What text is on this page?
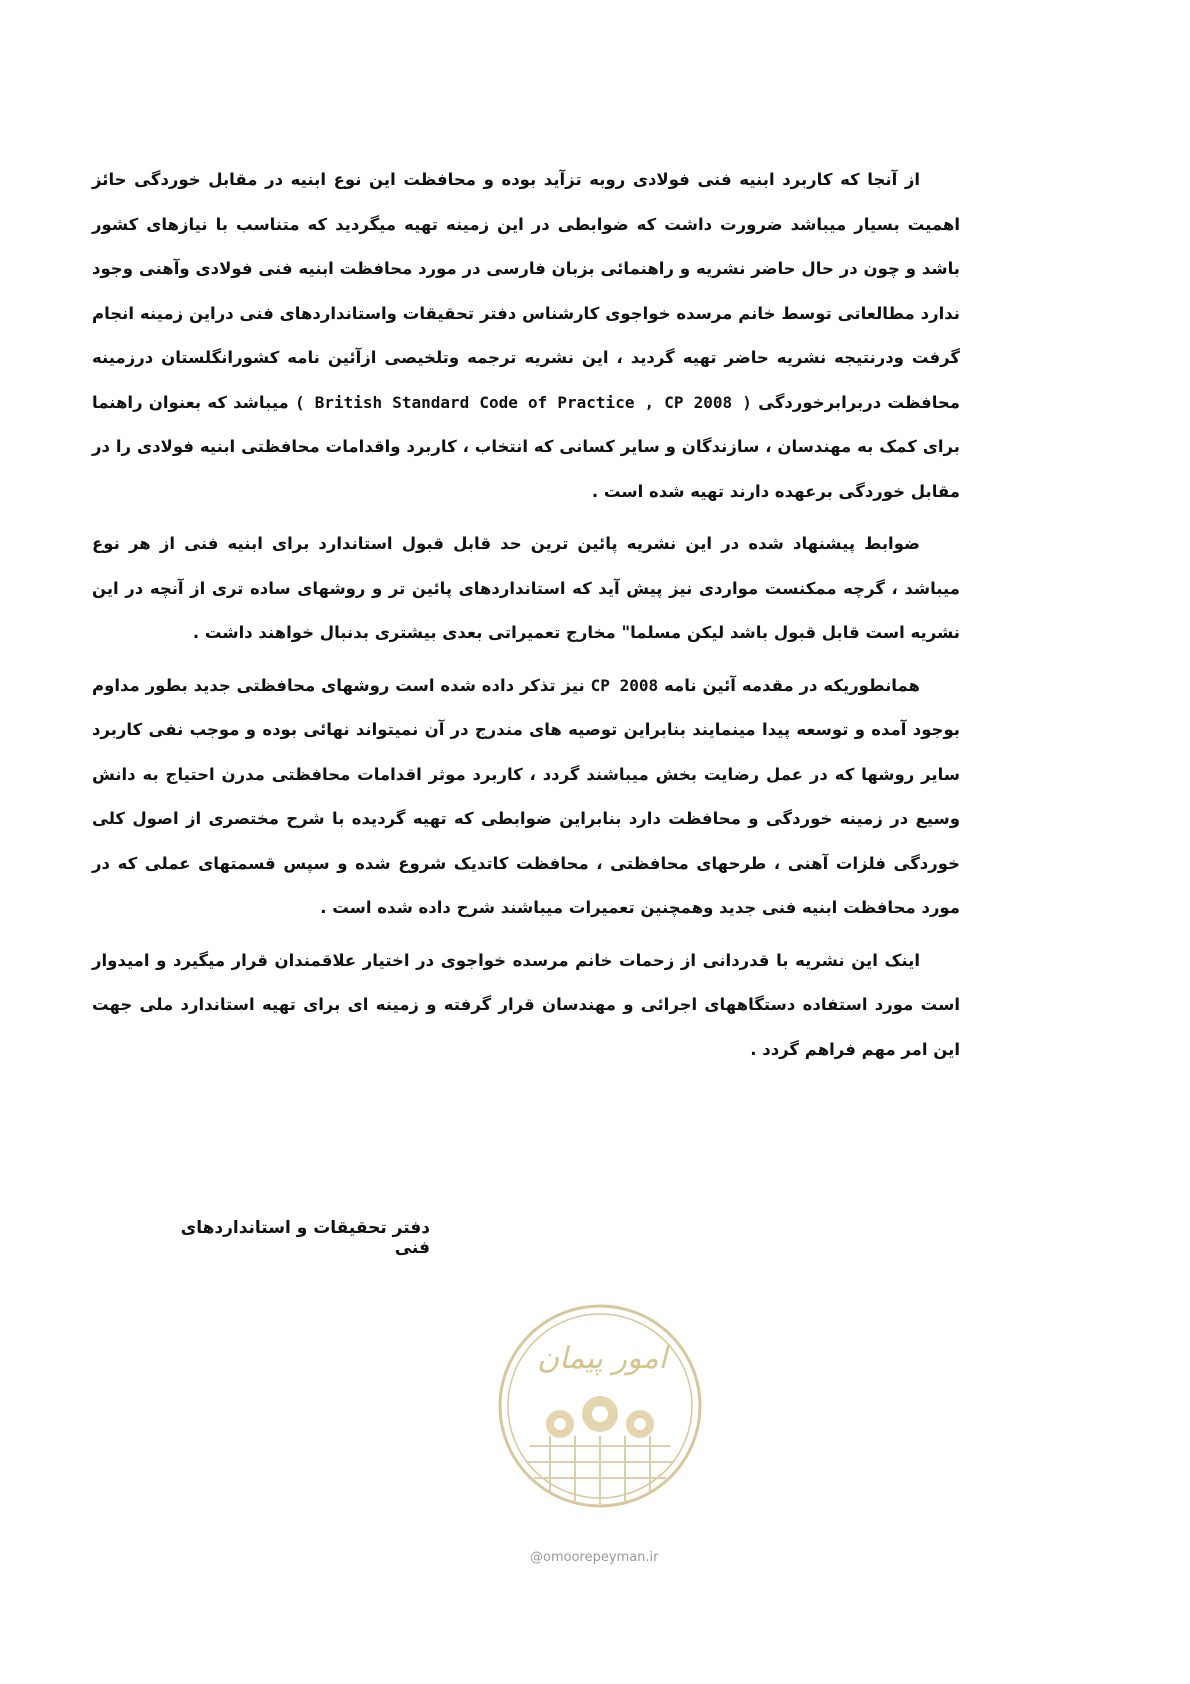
از آنجا که کاربرد ابنیه فنی فولادی روبه تزآید بوده و محافظت این نوع ابنیه در مقابل خوردگی حائز اهمیت بسیار میباشد ضرورت داشت که ضوابطی در این زمینه تهیه میگردید که متناسب با نیازهای کشور باشد و چون در حال حاضر نشریه و راهنمائی بزبان فارسی در مورد محافظت ابنیه فنی فولادی وآهنی وجود ندارد مطالعاتی توسط خانم مرسده خواجوی کارشناس دفتر تحقیقات واستانداردهای فنی دراین زمینه انجام گرفت ودرنتیجه نشریه حاضر تهیه گردید ، این نشریه ترجمه وتلخیصی ازآئین نامه کشورانگلستان درزمینه محافظت دربرابرخوردگی ( British Standard Code of Practice , CP 2008 ) میباشد که بعنوان راهنما برای کمک به مهندسان ، سازندگان و سایر کسانی که انتخاب ، کاربرد واقدامات محافظتی ابنیه فولادی را در مقابل خوردگی برعهده دارند تهیه شده است .

ضوابط پیشنهاد شده در این نشریه پائین ترین حد قابل قبول استاندارد برای ابنیه فنی از هر نوع میباشد ، گرچه ممکنست مواردی نیز پیش آید که استانداردهای پائین تر و روشهای ساده تری از آنچه در این نشریه است قابل قبول باشد لیکن مسلما" مخارج تعمیراتی بعدی بیشتری بدنبال خواهند داشت .

همانطوریکه در مقدمه آئین نامه CP 2008 نیز تذکر داده شده است روشهای محافظتی جدید بطور مداوم بوجود آمده و توسعه پیدا مینمایند بنابراین توصیه های مندرج در آن نمیتواند نهائی بوده و موجب نفی کاربرد سایر روشها که در عمل رضایت بخش میباشند گردد ، کاربرد موثر اقدامات محافظتی مدرن احتیاج به دانش وسیع در زمینه خوردگی و محافظت دارد بنابراین ضوابطی که تهیه گردیده با شرح مختصری از اصول کلی خوردگی فلزات آهنی ، طرحهای محافظتی ، محافظت کاتدیک شروع شده و سپس قسمتهای عملی که در مورد محافظت ابنیه فنی جدید وهمچنین تعمیرات میباشند شرح داده شده است .

اینک این نشریه با قدردانی از زحمات خانم مرسده خواجوی در اختیار علاقمندان قرار میگیرد و امیدوار است مورد استفاده دستگاههای اجرائی و مهندسان قرار گرفته و زمینه ای برای تهیه استاندارد ملی جهت این امر مهم فراهم گردد .

دفتر تحقیقات و استانداردهای فنی
امور پیمان
@omoorepeyman.ir
